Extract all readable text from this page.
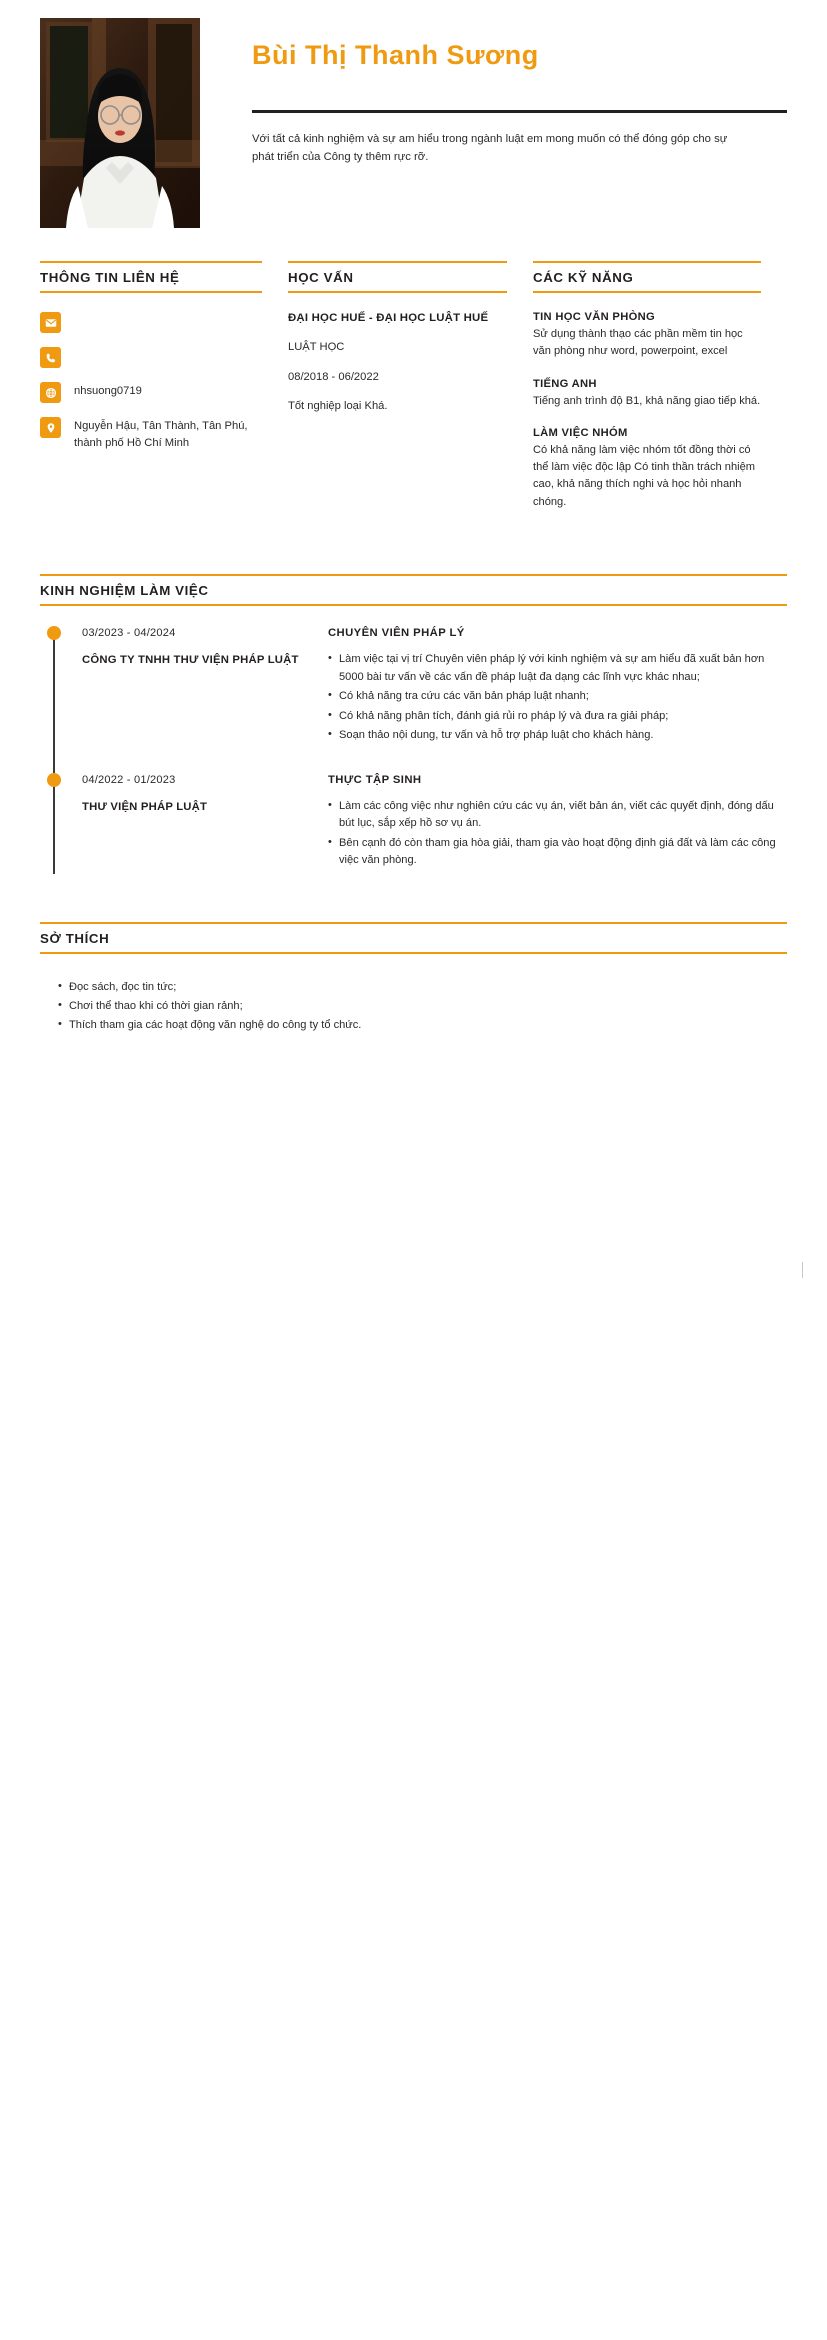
Bùi Thị Thanh Sương
Với tất cả kinh nghiệm và sự am hiểu trong ngành luật em mong muốn có thể đóng góp cho sự phát triển của Công ty thêm rực rỡ.
THÔNG TIN LIÊN HỆ
nhsuong0719
Nguyễn Hậu, Tân Thành, Tân Phú, thành phố Hồ Chí Minh
HỌC VẤN
ĐẠI HỌC HUẾ - ĐẠI HỌC LUẬT HUẾ
LUẬT HỌC
08/2018 - 06/2022
Tốt nghiệp loại Khá.
CÁC KỸ NĂNG
TIN HỌC VĂN PHÒNG
Sử dụng thành thạo các phần mềm tin học văn phòng như word, powerpoint, excel
TIẾNG ANH
Tiếng anh trình độ B1, khả năng giao tiếp khá.
LÀM VIỆC NHÓM
Có khả năng làm việc nhóm tốt đồng thời có thể làm việc độc lập Có tinh thần trách nhiệm cao, khả năng thích nghi và học hỏi nhanh chóng.
KINH NGHIỆM LÀM VIỆC
03/2023 - 04/2024
CÔNG TY TNHH THƯ VIỆN PHÁP LUẬT
CHUYÊN VIÊN PHÁP LÝ
• Làm việc tại vị trí Chuyên viên pháp lý với kinh nghiệm và sự am hiểu đã xuất bản hơn 5000 bài tư vấn về các vấn đề pháp luật đa dạng các lĩnh vực khác nhau;
• Có khả năng tra cứu các văn bản pháp luật nhanh;
• Có khả năng phân tích, đánh giá rủi ro pháp lý và đưa ra giải pháp;
• Soạn thảo nội dung, tư vấn và hỗ trợ pháp luật cho khách hàng.
04/2022 - 01/2023
THƯ VIỆN PHÁP LUẬT
THỰC TẬP SINH
• Làm các công việc như nghiên cứu các vụ án, viết bản án, viết các quyết định, đóng dấu bút lục, sắp xếp hồ sơ vụ án.
• Bên cạnh đó còn tham gia hòa giải, tham gia vào hoạt động định giá đất và làm các công việc văn phòng.
SỞ THÍCH
• Đọc sách, đọc tin tức;
• Chơi thể thao khi có thời gian rảnh;
• Thích tham gia các hoạt động văn nghệ do công ty tổ chức.
